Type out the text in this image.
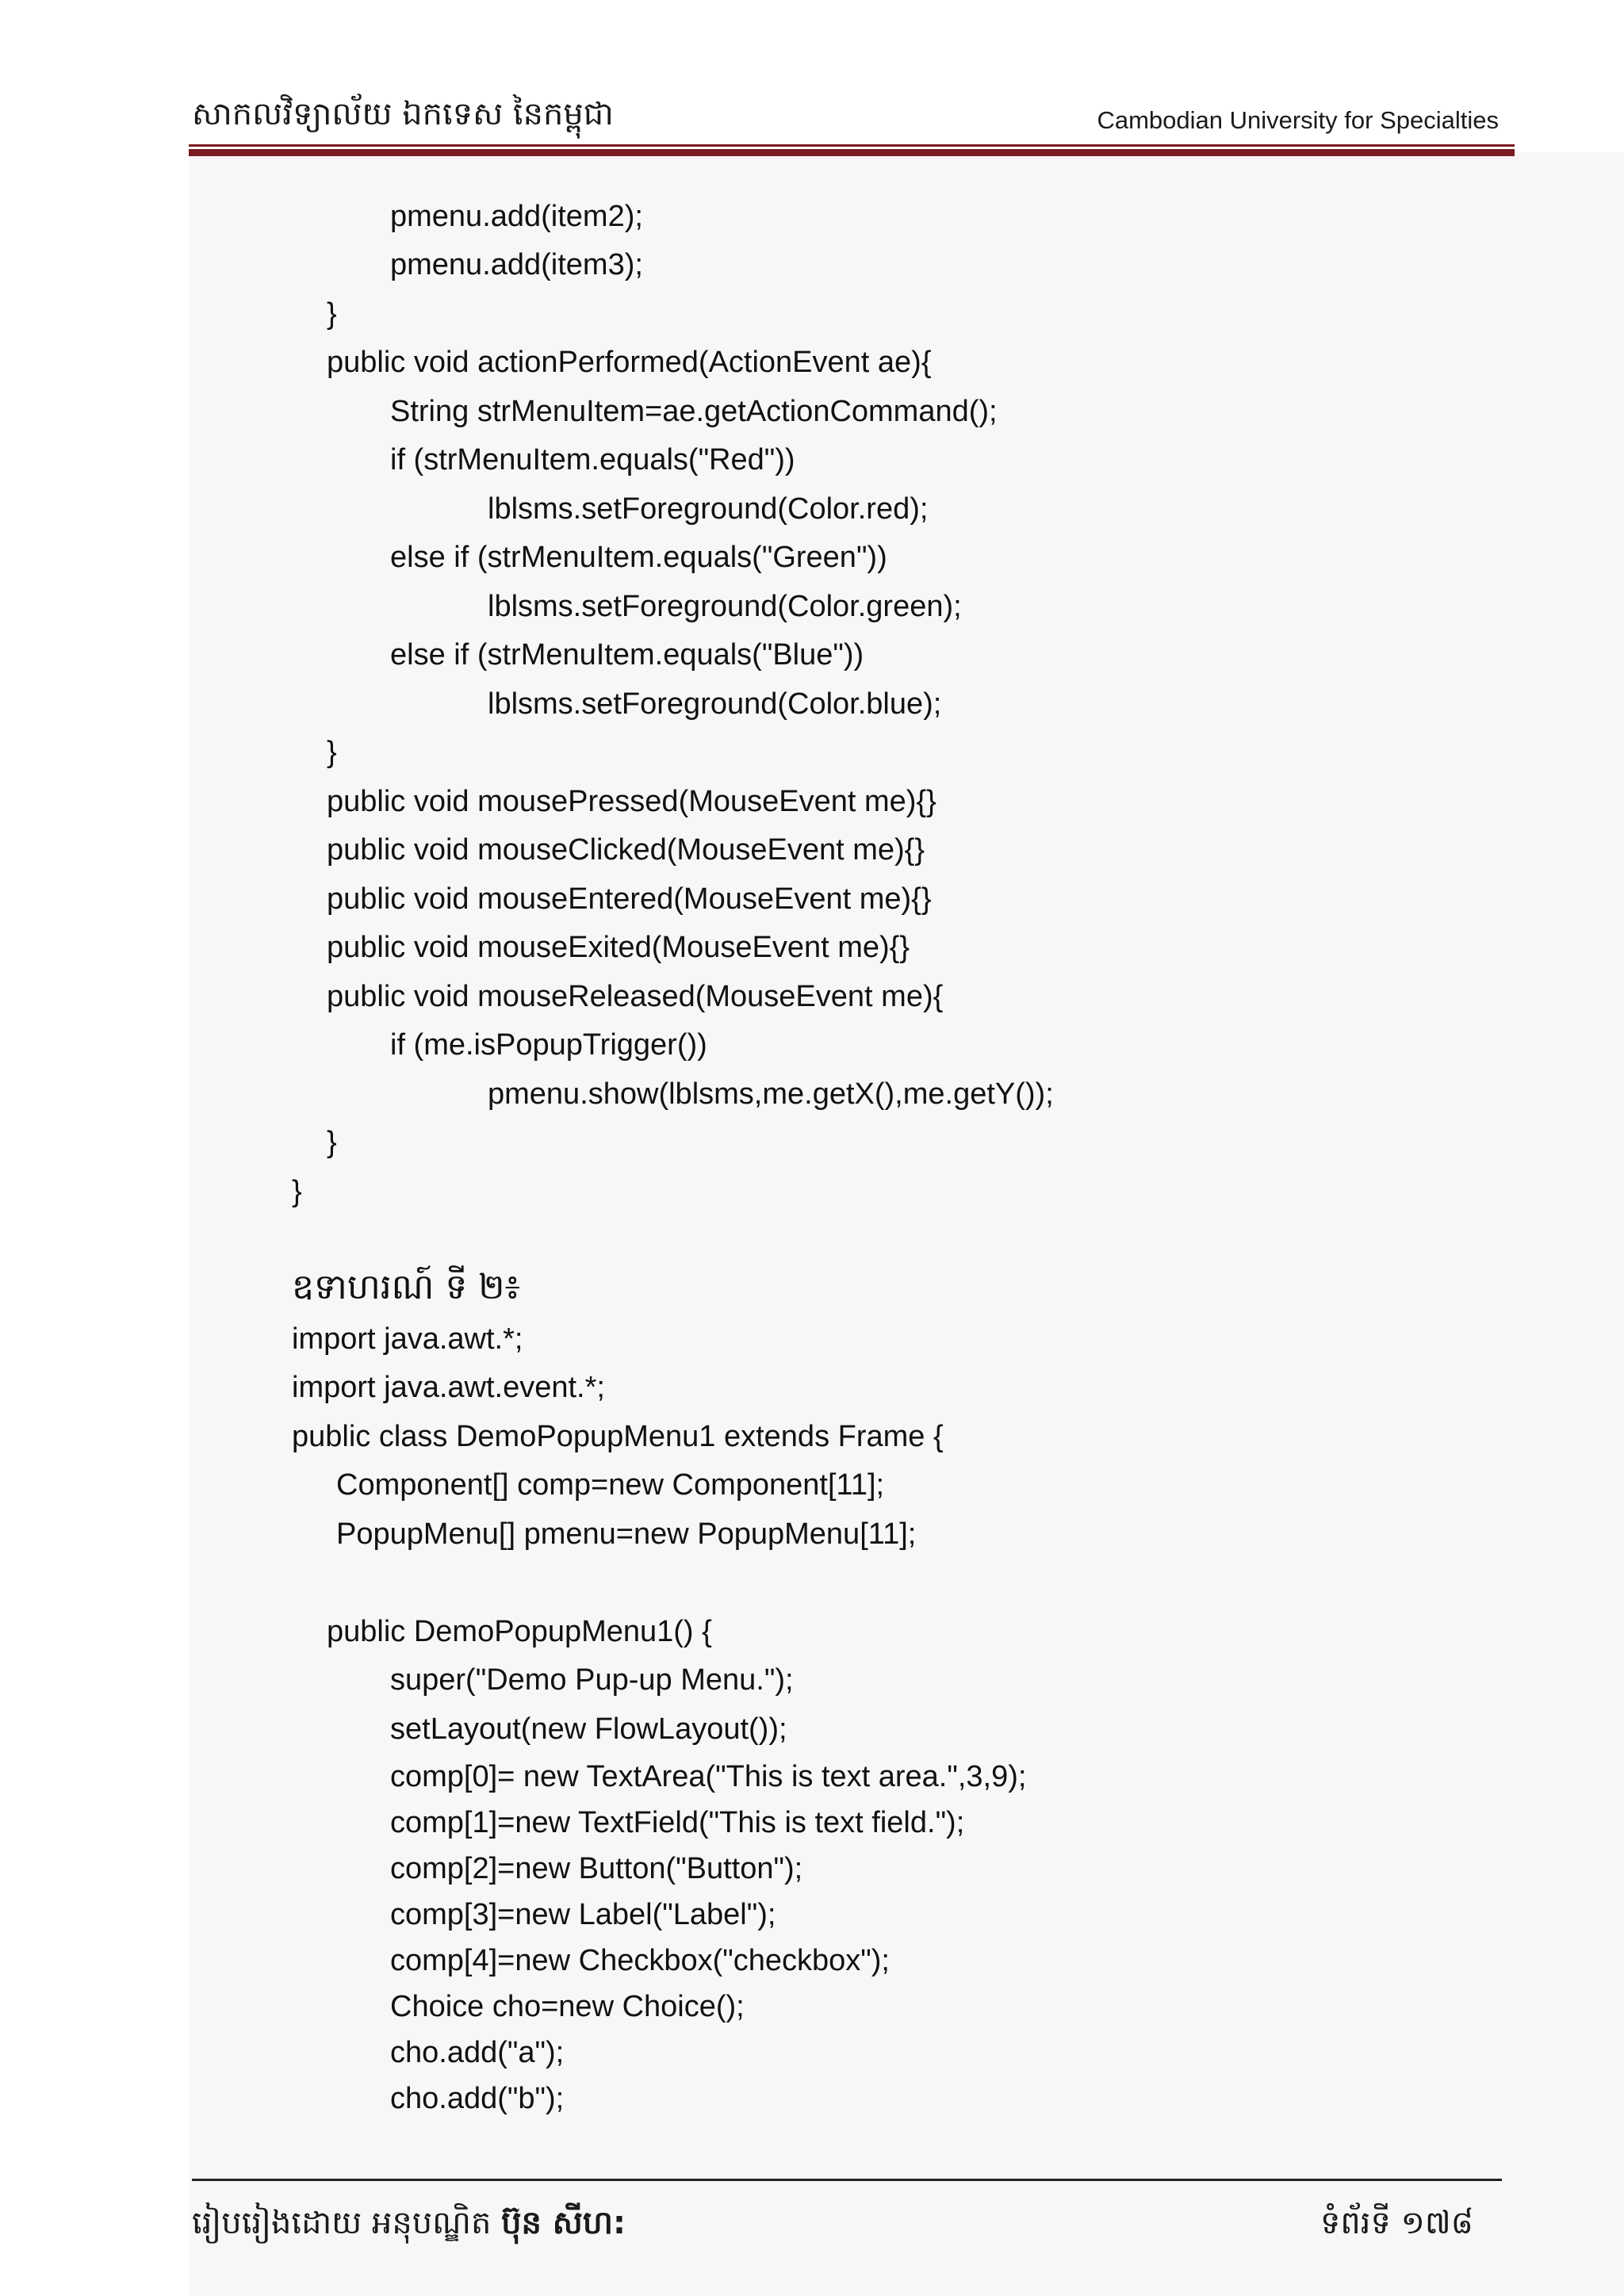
សាកលវិទ្យាល័យ ឯកទេស នៃកម្ពុជា	Cambodian University for Specialties
pmenu.add(item2);
pmenu.add(item3);
}
public void actionPerformed(ActionEvent ae){
String strMenuItem=ae.getActionCommand();
if (strMenuItem.equals("Red"))
lblsms.setForeground(Color.red);
else if (strMenuItem.equals("Green"))
lblsms.setForeground(Color.green);
else if (strMenuItem.equals("Blue"))
lblsms.setForeground(Color.blue);
}
public void mousePressed(MouseEvent me){}
public void mouseClicked(MouseEvent me){}
public void mouseEntered(MouseEvent me){}
public void mouseExited(MouseEvent me){}
public void mouseReleased(MouseEvent me){
if (me.isPopupTrigger())
pmenu.show(lblsms,me.getX(),me.getY());
}
}
ឧទាហរណ៍ ទី ២៖
import java.awt.*;
import java.awt.event.*;
public class DemoPopupMenu1 extends Frame {
Component[] comp=new Component[11];
PopupMenu[] pmenu=new PopupMenu[11];
public DemoPopupMenu1() {
super("Demo Pup-up Menu.");
setLayout(new FlowLayout());
comp[0]= new TextArea("This is text area.",3,9);
comp[1]=new TextField("This is text field.");
comp[2]=new Button("Button");
comp[3]=new Label("Label");
comp[4]=new Checkbox("checkbox");
Choice cho=new Choice();
cho.add("a");
cho.add("b");
រៀបរៀងដោយ អនុបណ្ឌិត ប៊ុន សីហ:	ទំព័រទី ១៧៨
